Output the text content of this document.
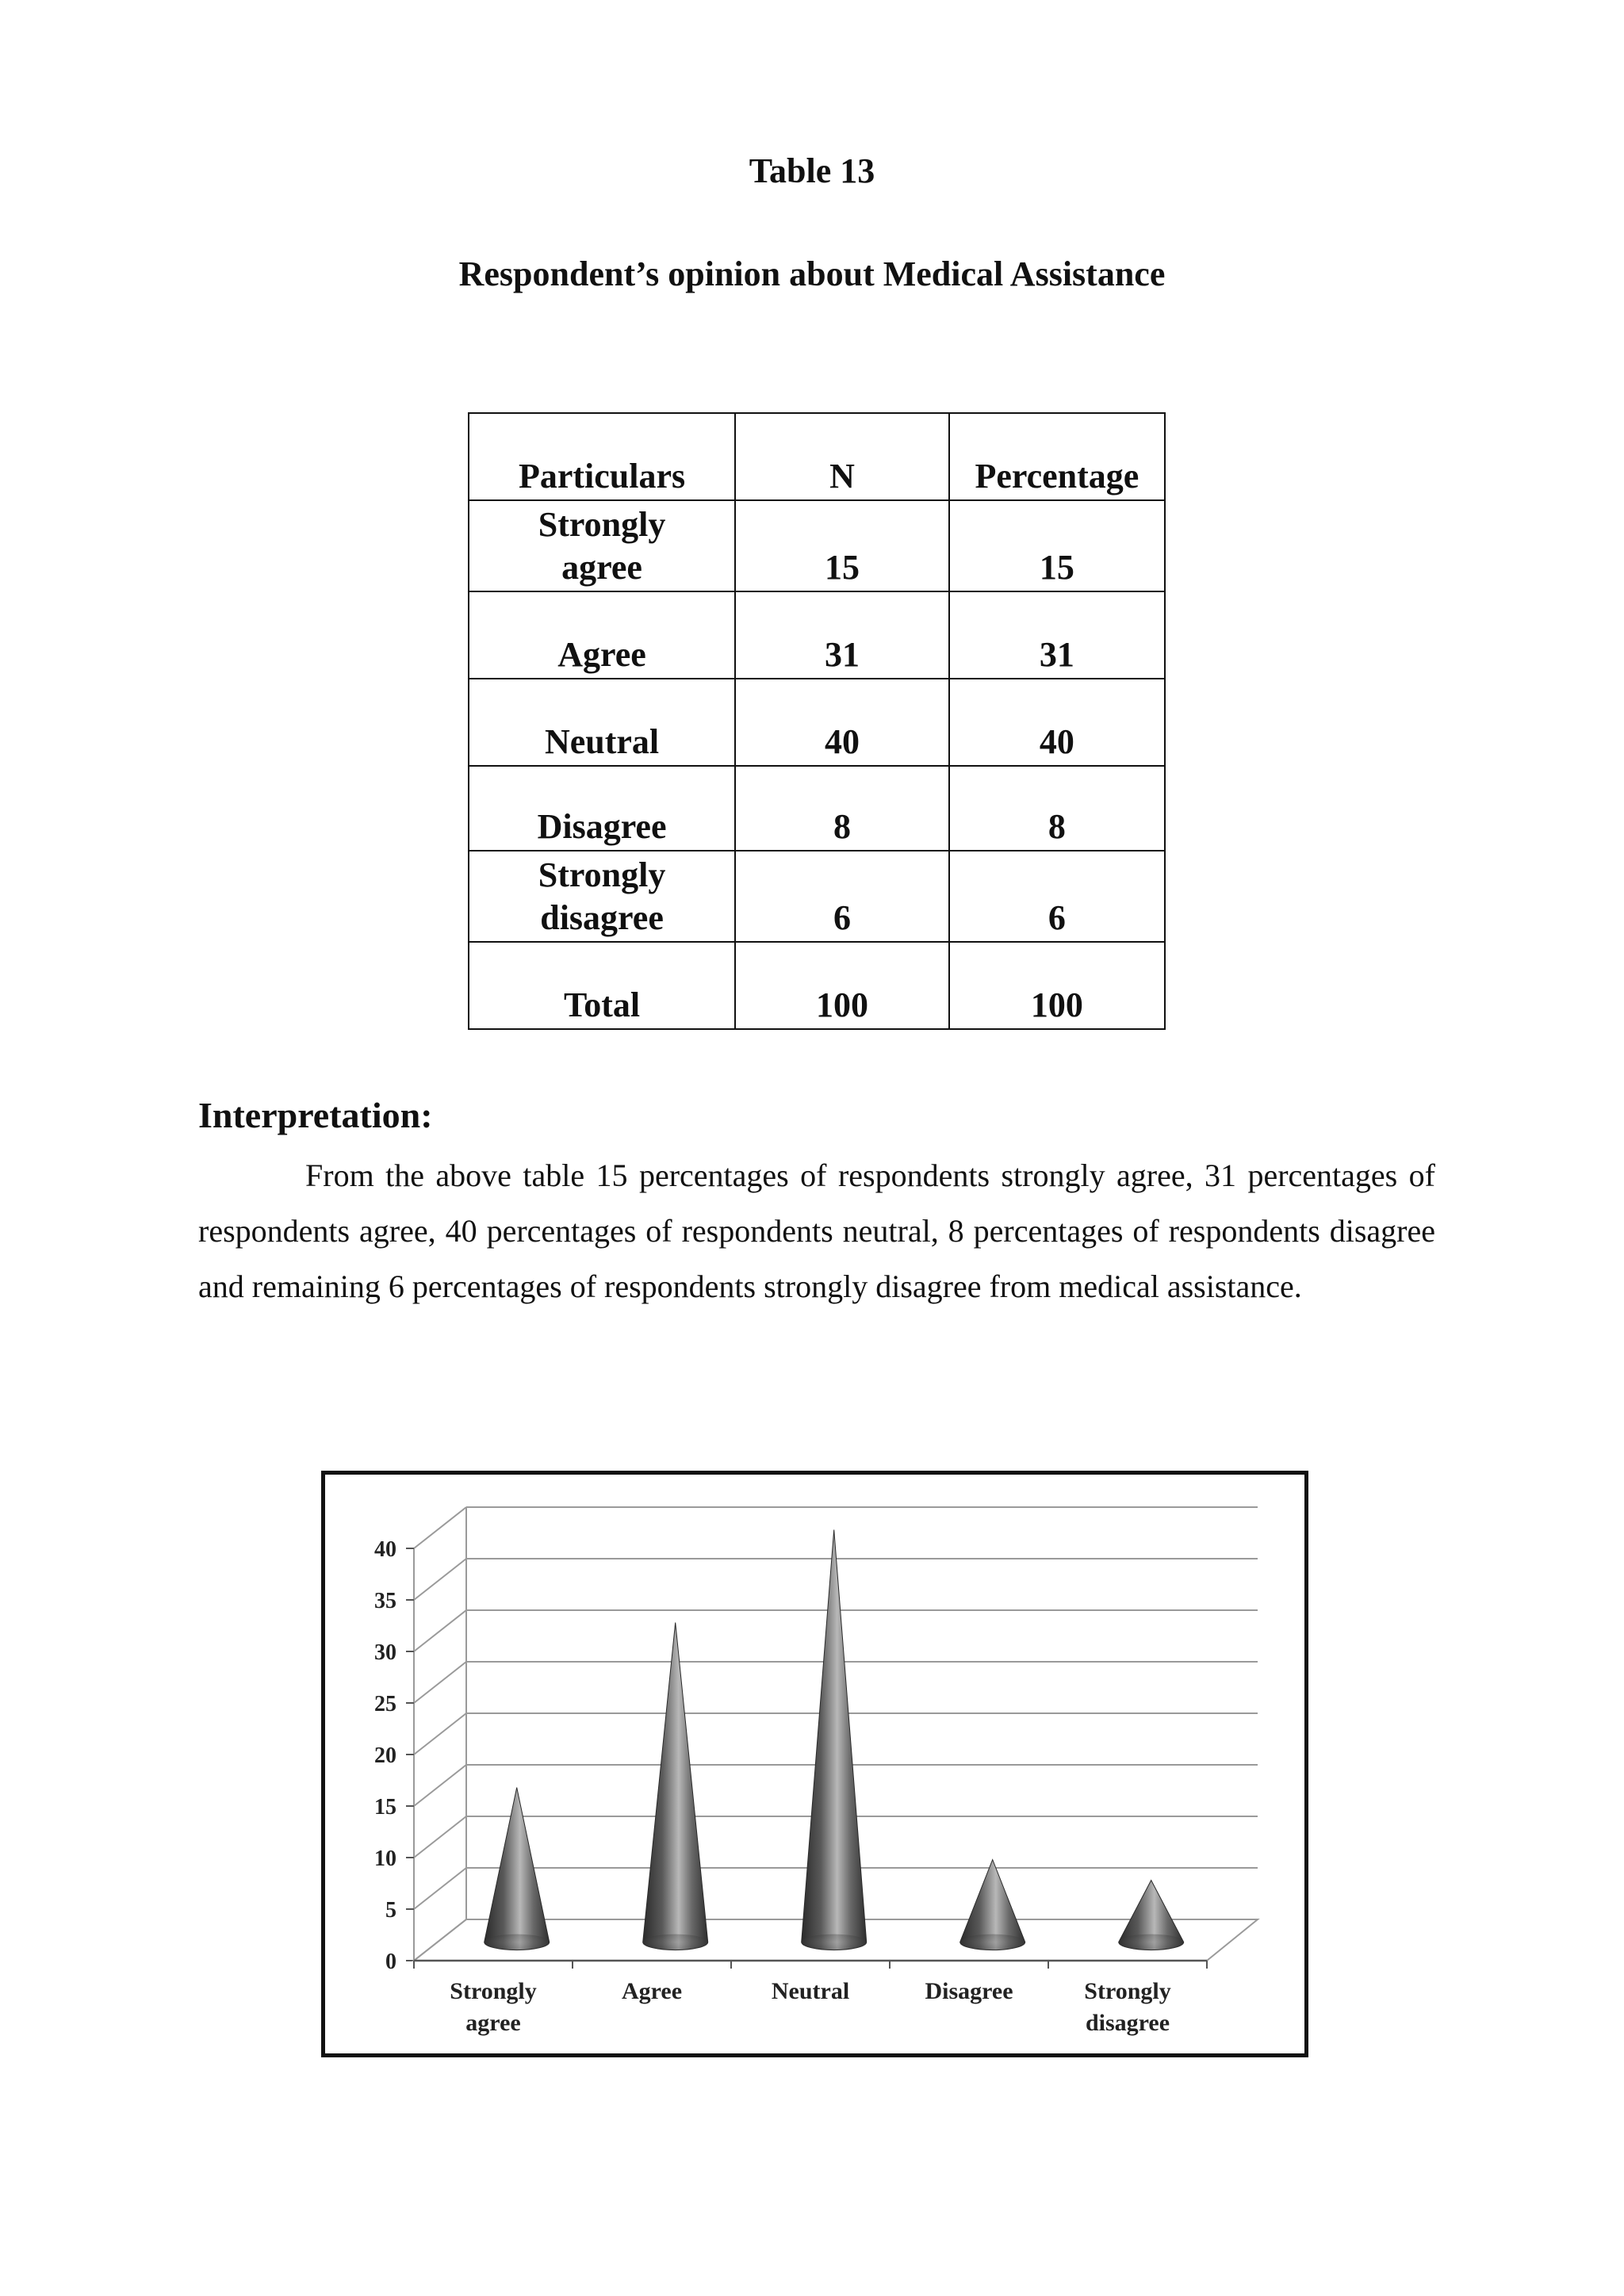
Table 13
Respondent’s opinion about Medical Assistance
Particulars	N	Percentage
Strongly
agree	15	15
Agree	31	31
Neutral	40	40
Disagree	8	8
Strongly
disagree	6	6
Total	100	100
Interpretation:

From the above table 15 percentages of respondents strongly agree, 31 percentages of respondents agree, 40 percentages of respondents neutral, 8 percentages of respondents disagree and remaining 6 percentages of respondents strongly disagree from medical assistance.

0
5
10
15
20
25
30
35
40
Strongly
agree
Agree	Neutral	Disagree	Strongly
disagree
